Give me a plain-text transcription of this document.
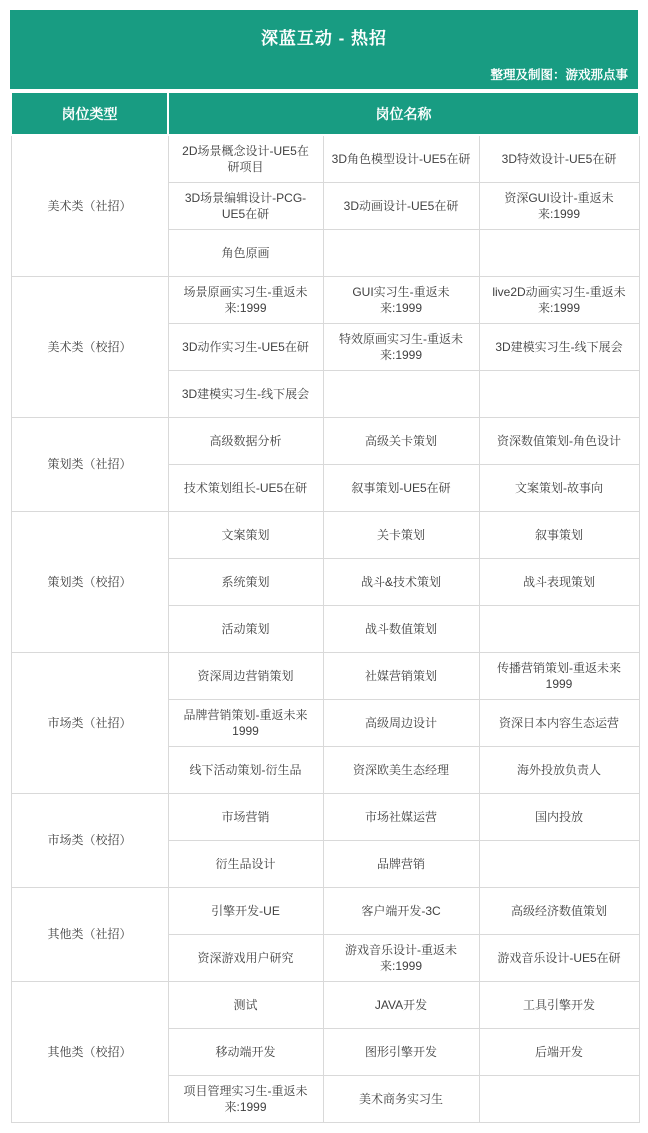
深蓝互动 - 热招
整理及制图：游戏那点事
岗位类型	岗位名称		
美术类（社招）	2D场景概念设计-UE5在研项目	3D角色模型设计-UE5在研	3D特效设计-UE5在研
	3D场景编辑设计-PCG-UE5在研	3D动画设计-UE5在研	资深GUI设计-重返未来:1999
	角色原画		
美术类（校招）	场景原画实习生-重返未来:1999	GUI实习生-重返未来:1999	live2D动画实习生-重返未来:1999
	3D动作实习生-UE5在研	特效原画实习生-重返未来:1999	3D建模实习生-线下展会
	3D建模实习生-线下展会		
策划类（社招）	高级数据分析	高级关卡策划	资深数值策划-角色设计
	技术策划组长-UE5在研	叙事策划-UE5在研	文案策划-故事向
策划类（校招）	文案策划	关卡策划	叙事策划
	系统策划	战斗&技术策划	战斗表现策划
	活动策划	战斗数值策划	
市场类（社招）	资深周边营销策划	社媒营销策划	传播营销策划-重返未来1999
	品牌营销策划-重返未来1999	高级周边设计	资深日本内容生态运营
	线下活动策划-衍生品	资深欧美生态经理	海外投放负责人
市场类（校招）	市场营销	市场社媒运营	国内投放
	衍生品设计	品牌营销	
其他类（社招）	引擎开发-UE	客户端开发-3C	高级经济数值策划
	资深游戏用户研究	游戏音乐设计-重返未来:1999	游戏音乐设计-UE5在研
其他类（校招）	测试	JAVA开发	工具引擎开发
	移动端开发	图形引擎开发	后端开发
	项目管理实习生-重返未来:1999	美术商务实习生	
